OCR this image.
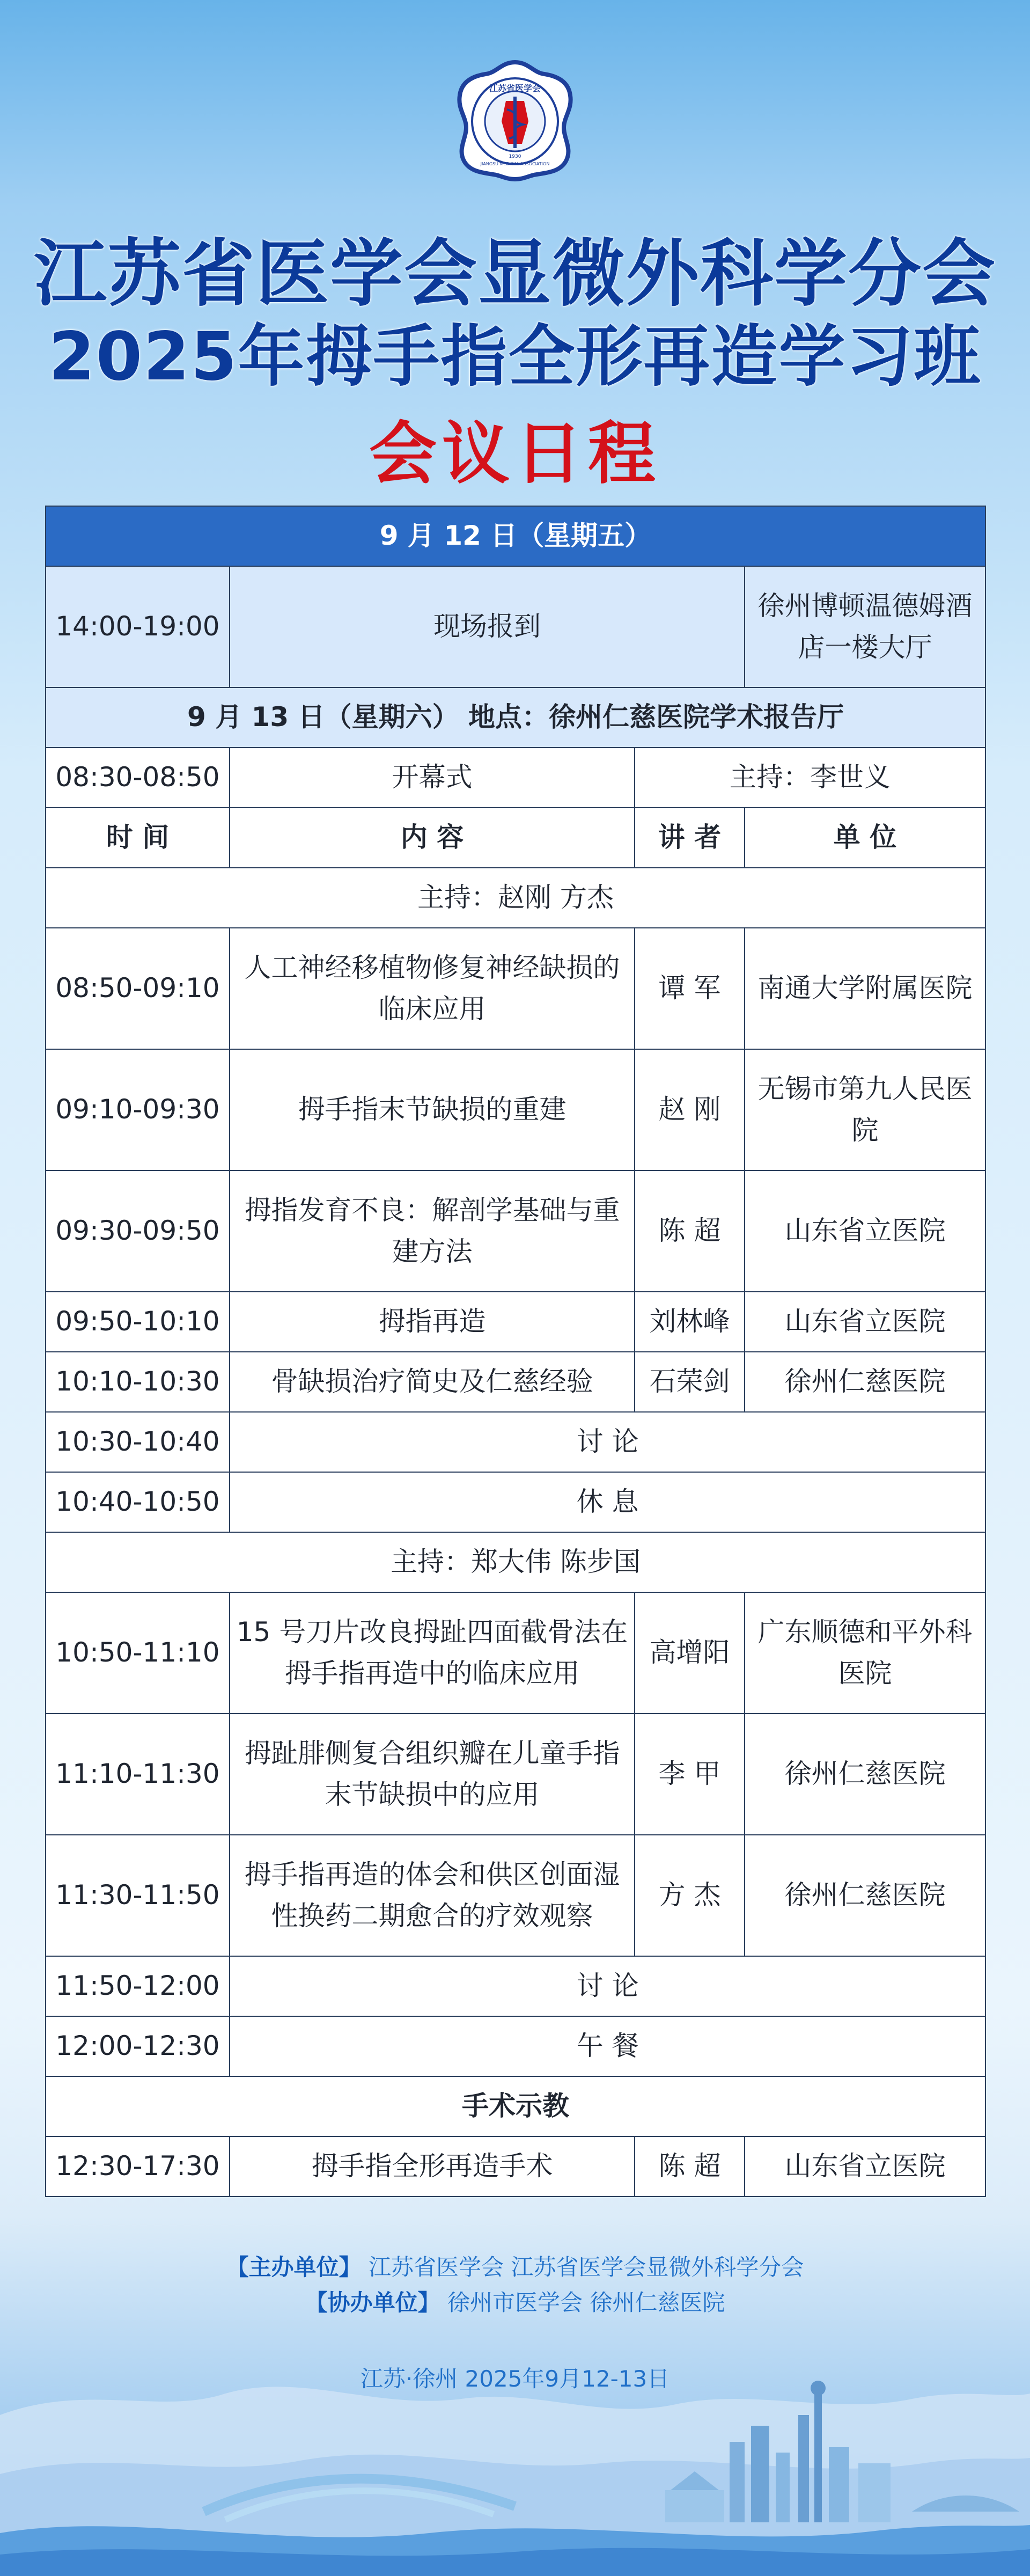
江苏省医学会
1930
JIANGSU MEDICAL ASSOCIATION
江苏省医学会显微外科学分会
2025年拇手指全形再造学习班
会议日程
9 月 12 日（星期五）			
14:00-19:00	现场报到		徐州博顿温德姆酒店一楼大厅
9 月 13 日（星期六） 地点：徐州仁慈医院学术报告厅			
08:30-08:50	开幕式	主持：李世义	
时 间	内 容	讲 者	单 位
主持：赵刚 方杰			
08:50-09:10	人工神经移植物修复神经缺损的临床应用	谭 军	南通大学附属医院
09:10-09:30	拇手指末节缺损的重建	赵 刚	无锡市第九人民医院
09:30-09:50	拇指发育不良：解剖学基础与重建方法	陈 超	山东省立医院
09:50-10:10	拇指再造	刘林峰	山东省立医院
10:10-10:30	骨缺损治疗简史及仁慈经验	石荣剑	徐州仁慈医院
10:30-10:40	讨 论		
10:40-10:50	休 息		
主持：郑大伟 陈步国			
10:50-11:10	15 号刀片改良拇趾四面截骨法在拇手指再造中的临床应用	高增阳	广东顺德和平外科医院
11:10-11:30	拇趾腓侧复合组织瓣在儿童手指末节缺损中的应用	李 甲	徐州仁慈医院
11:30-11:50	拇手指再造的体会和供区创面湿性换药二期愈合的疗效观察	方 杰	徐州仁慈医院
11:50-12:00	讨 论		
12:00-12:30	午 餐		
手术示教			
12:30-17:30	拇手指全形再造手术	陈 超	山东省立医院
【主办单位】 江苏省医学会 江苏省医学会显微外科学分会
【协办单位】 徐州市医学会 徐州仁慈医院
江苏·徐州 2025年9月12-13日
